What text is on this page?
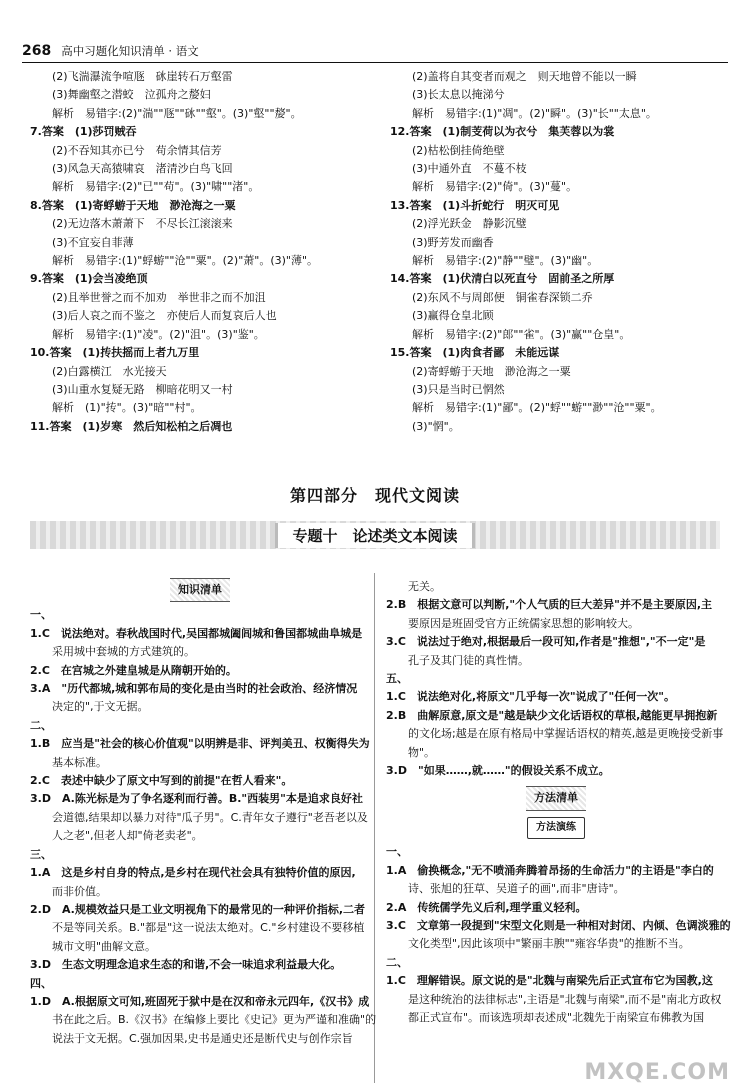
268 高中习题化知识清单 · 语文
(2)飞湍瀑流争喧豗　砯崖转石万壑雷
(3)舞幽壑之潜蛟　泣孤舟之嫠妇
解析　易错字:(2)"湍""豗""砯""壑"。(3)"壑""嫠"。
7.答案　(1)莎罚贼吞
(2)不吞知其亦已兮　苟余情其信芳
(3)风急天高猿啸哀　渚清沙白鸟飞回
解析　易错字:(2)"已""苟"。(3)"啸""渚"。
8.答案　(1)寄蜉蝣于天地　渺沧海之一粟
(2)无边落木萧萧下　不尽长江滚滚来
(3)不宜妄自菲薄
解析　易错字:(1)"蜉蝣""沧""粟"。(2)"萧"。(3)"薄"。
9.答案　(1)会当凌绝顶
(2)且举世誉之而不加劝　举世非之而不加沮
(3)后人哀之而不鉴之　亦使后人而复哀后人也
解析　易错字:(1)"凌"。(2)"沮"。(3)"鉴"。
10.答案　(1)抟扶摇而上者九万里
(2)白露横江　水光接天
(3)山重水复疑无路　柳暗花明又一村
解析　(1)"抟"。(3)"暗""村"。
11.答案　(1)岁寒　然后知松柏之后凋也
(2)盖将自其变者而观之　则天地曾不能以一瞬
(3)长太息以掩涕兮
解析　易错字:(1)"凋"。(2)"瞬"。(3)"长""太息"。
12.答案　(1)制芰荷以为衣兮　集芙蓉以为裳
(2)枯松倒挂倚绝壁
(3)中通外直　不蔓不枝
解析　易错字:(2)"倚"。(3)"蔓"。
13.答案　(1)斗折蛇行　明灭可见
(2)浮光跃金　静影沉璧
(3)野芳发而幽香
解析　易错字:(2)"静""璧"。(3)"幽"。
14.答案　(1)伏清白以死直兮　固前圣之所厚
(2)东风不与周郎便　铜雀春深锁二乔
(3)赢得仓皇北顾
解析　易错字:(2)"郎""雀"。(3)"赢""仓皇"。
15.答案　(1)肉食者鄙　未能远谋
(2)寄蜉蝣于天地　渺沧海之一粟
(3)只是当时已惘然
解析　易错字:(1)"鄙"。(2)"蜉""蝣""渺""沧""粟"。
(3)"惘"。
第四部分　现代文阅读
专题十　论述类文本阅读
知识清单
一、
1.C　说法绝对。春秋战国时代,吴国都城阖闾城和鲁国都城曲阜城是
采用城中套城的方式建筑的。
2.C　在宫城之外建皇城是从隋朝开始的。
3.A　"历代都城,城和郭布局的变化是由当时的社会政治、经济情况
决定的",于文无据。
二、
1.B　应当是"社会的核心价值观"以明辨是非、评判美丑、权衡得失为
基本标准。
2.C　表述中缺少了原文中写到的前提"在哲人看来"。
3.D　A.陈光标是为了争名逐利而行善。B."西装男"本是追求良好社
会道德,结果却以暴力对待"瓜子男"。C.青年女子遵行"老吾老以及
人之老",但老人却"倚老卖老"。
三、
1.A　这是乡村自身的特点,是乡村在现代社会具有独特价值的原因,
而非价值。
2.D　A.规模效益只是工业文明视角下的最常见的一种评价指标,二者
不是等同关系。B."都是"这一说法太绝对。C."乡村建设不要移植
城市文明"曲解文意。
3.D　生态文明理念追求生态的和谐,不会一味追求利益最大化。
四、
1.D　A.根据原文可知,班固死于狱中是在汉和帝永元四年,《汉书》成
书在此之后。B.《汉书》在编修上要比《史记》更为严谨和准确"的
说法于文无据。C.强加因果,史书是通史还是断代史与创作宗旨
无关。
2.B　根据文意可以判断,"个人气质的巨大差异"并不是主要原因,主
要原因是班固受官方正统儒家思想的影响较大。
3.C　说法过于绝对,根据最后一段可知,作者是"推想","不一定"是
孔子及其门徒的真性情。
五、
1.C　说法绝对化,将原文"几乎每一次"说成了"任何一次"。
2.B　曲解原意,原文是"越是缺少文化话语权的草根,越能更早拥抱新
的文化场;越是在原有格局中掌握话语权的精英,越是更晚接受新事
物"。
3.D　"如果……,就……"的假设关系不成立。
方法清单
方法演练
一、
1.A　偷换概念,"无不喷涌奔腾着昂扬的生命活力"的主语是"李白的
诗、张旭的狂草、吴道子的画",而非"唐诗"。
2.A　传统儒学先义后利,理学重义轻利。
3.C　文章第一段提到"宋型文化则是一种相对封闭、内倾、色调淡雅的
文化类型",因此该项中"繁丽丰腴""雍容华贵"的推断不当。
二、
1.C　理解错误。原文说的是"北魏与南梁先后正式宣布它为国教,这
是这种统治的法律标志",主语是"北魏与南梁",而不是"南北方政权
都正式宣布"。而该选项却表述成"北魏先于南梁宣布佛教为国
MXQE.COM
